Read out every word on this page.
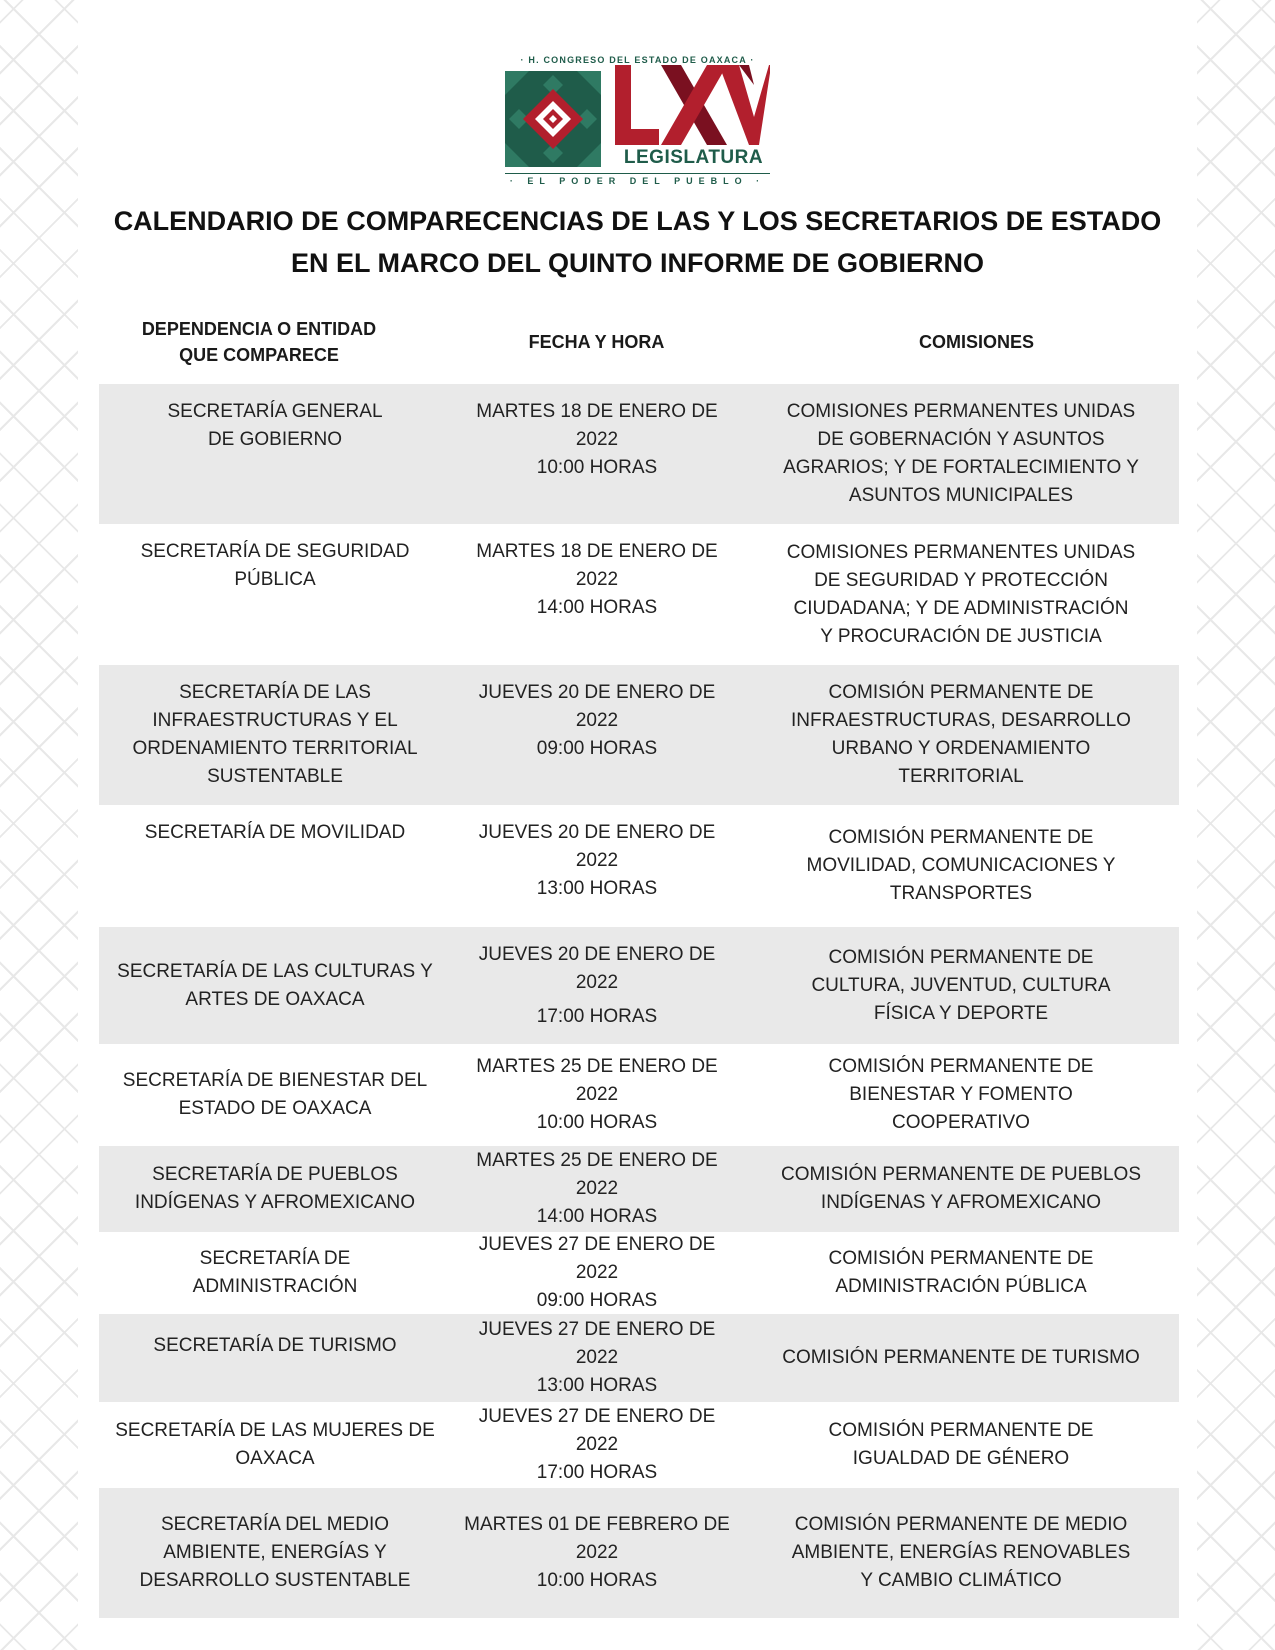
· H. CONGRESO DEL ESTADO DE OAXACA ·
LEGISLATURA
· EL PODER DEL PUEBLO ·
CALENDARIO DE COMPARECENCIAS DE LAS Y LOS SECRETARIOS DE ESTADO
EN EL MARCO DEL QUINTO INFORME DE GOBIERNO
DEPENDENCIA O ENTIDAD
QUE COMPARECE
FECHA Y HORA	COMISIONES
SECRETARÍA GENERAL
DE GOBIERNO
MARTES 18 DE ENERO DE 2022
10:00 HORAS
COMISIONES PERMANENTES UNIDAS
DE GOBERNACIÓN Y ASUNTOS
AGRARIOS; Y DE FORTALECIMIENTO Y
ASUNTOS MUNICIPALES
SECRETARÍA DE SEGURIDAD
PÚBLICA
MARTES 18 DE ENERO DE 2022
14:00 HORAS
COMISIONES PERMANENTES UNIDAS
DE SEGURIDAD Y PROTECCIÓN
CIUDADANA; Y DE ADMINISTRACIÓN
Y PROCURACIÓN DE JUSTICIA
SECRETARÍA DE LAS
INFRAESTRUCTURAS Y EL
ORDENAMIENTO TERRITORIAL
SUSTENTABLE
JUEVES 20 DE ENERO DE 2022
09:00 HORAS
COMISIÓN PERMANENTE DE
INFRAESTRUCTURAS, DESARROLLO
URBANO Y ORDENAMIENTO
TERRITORIAL
SECRETARÍA DE MOVILIDAD	JUEVES 20 DE ENERO DE 2022
13:00 HORAS
COMISIÓN PERMANENTE DE
MOVILIDAD, COMUNICACIONES Y
TRANSPORTES
SECRETARÍA DE LAS CULTURAS Y
ARTES DE OAXACA
JUEVES 20 DE ENERO DE 2022
17:00 HORAS
COMISIÓN PERMANENTE DE
CULTURA, JUVENTUD, CULTURA
FÍSICA Y DEPORTE
SECRETARÍA DE BIENESTAR DEL
ESTADO DE OAXACA
MARTES 25 DE ENERO DE 2022
10:00 HORAS
COMISIÓN PERMANENTE DE
BIENESTAR Y FOMENTO
COOPERATIVO
SECRETARÍA DE PUEBLOS
INDÍGENAS Y AFROMEXICANO
MARTES 25 DE ENERO DE 2022
14:00 HORAS
COMISIÓN PERMANENTE DE PUEBLOS
INDÍGENAS Y AFROMEXICANO
SECRETARÍA DE
ADMINISTRACIÓN
JUEVES 27 DE ENERO DE 2022
09:00 HORAS
COMISIÓN PERMANENTE DE
ADMINISTRACIÓN PÚBLICA
SECRETARÍA DE TURISMO
JUEVES 27 DE ENERO DE 2022
13:00 HORAS
COMISIÓN PERMANENTE DE TURISMO
SECRETARÍA DE LAS MUJERES DE
OAXACA
JUEVES 27 DE ENERO DE 2022
17:00 HORAS
COMISIÓN PERMANENTE DE
IGUALDAD DE GÉNERO
SECRETARÍA DEL MEDIO
AMBIENTE, ENERGÍAS Y
DESARROLLO SUSTENTABLE
MARTES 01 DE FEBRERO DE 2022
10:00 HORAS
COMISIÓN PERMANENTE DE MEDIO
AMBIENTE, ENERGÍAS RENOVABLES
Y CAMBIO CLIMÁTICO
